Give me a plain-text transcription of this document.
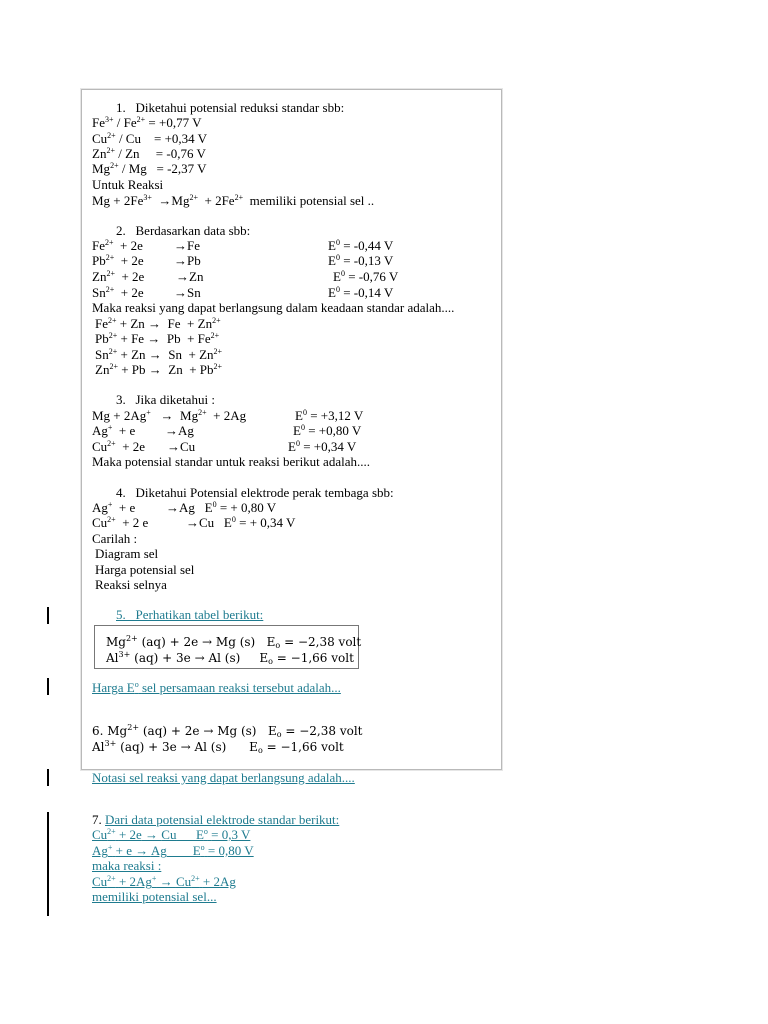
1.   Diketahui potensial reduksi standar sbb:
$Fe^{3+} / Fe^{2+} = +0,77$ V
$Cu^{2+} / Cu = +0,34$ V
$Zn^{2+} / Zn = -0,76$ V
$Mg^{2+} / Mg = -2,37$ V
Untuk Reaksi
$Mg + 2Fe^{3+} \to Mg^{2+} + 2Fe^{2+}$ memiliki potensial sel ..
2.   Berdasarkan data sbb:
$Fe^{2+} + 2e \to Fe$	$E^0 = -0,44$ V
$Pb^{2+} + 2e \to Pb$	$E^0 = -0,13$ V
$Zn^{2+} + 2e \to Zn$	$E^0 = -0,76$ V
$Sn^{2+} + 2e \to Sn$	$E^0 = -0,14$ V
Maka reaksi yang dapat berlangsung dalam keadaan standar adalah....
$Fe^{2+} + Zn \to Fe + Zn^{2+}$
$Pb^{2+} + Fe \to Pb + Fe^{2+}$
$Sn^{2+} + Zn \to Sn + Zn^{2+}$
$Zn^{2+} + Pb \to Zn + Pb^{2+}$
3.   Jika diketahui :
$Mg + 2Ag^+ \to Mg^{2+} + 2Ag$	$E^0 = +3,12$ V
Ag+ + e →Ag	$E^0 = +0,80$ V
$Cu^{2+} + 2e \to Cu$	$E^0 = +0,34$ V
Maka potensial standar untuk reaksi berikut adalah....
4.   Diketahui Potensial elektrode perak tembaga sbb:
Ag+ + e →Ag   $E^0$ = + 0,80 V
$Cu^{2+} + 2$ e	→Cu   $E^0$ = + 0,34 V
Carilah :
Diagram sel
Harga potensial sel
Reaksi selnya
5.   Perhatikan tabel berikut:
$Mg^{2+}$ (aq) + 2e → Mg (s)   $E_o = -2,38$ volt
$Al^{3+}$ (aq) + 3e → Al (s)     $E_o = -1,66$ volt
Harga $E^o$ sel persamaan reaksi tersebut adalah...
6. $Mg^{2+}$ (aq) + 2e → Mg (s)   $E_o = -2,38$ volt
$Al^{3+}$ (aq) + 3e → Al (s)      $E_o = -1,66$ volt
Notasi sel reaksi yang dapat berlangsung adalah....
7. Dari data potensial elektrode standar berikut:
$Cu^{2+} + 2e \to Cu$      $E^o = 0,3$ V
Ag+ + e → Ag        $E^o = 0,80$ V
maka reaksi :
$Cu^{2+} + 2Ag^+ \to Cu^{2+} + 2Ag$
memiliki potensial sel...
